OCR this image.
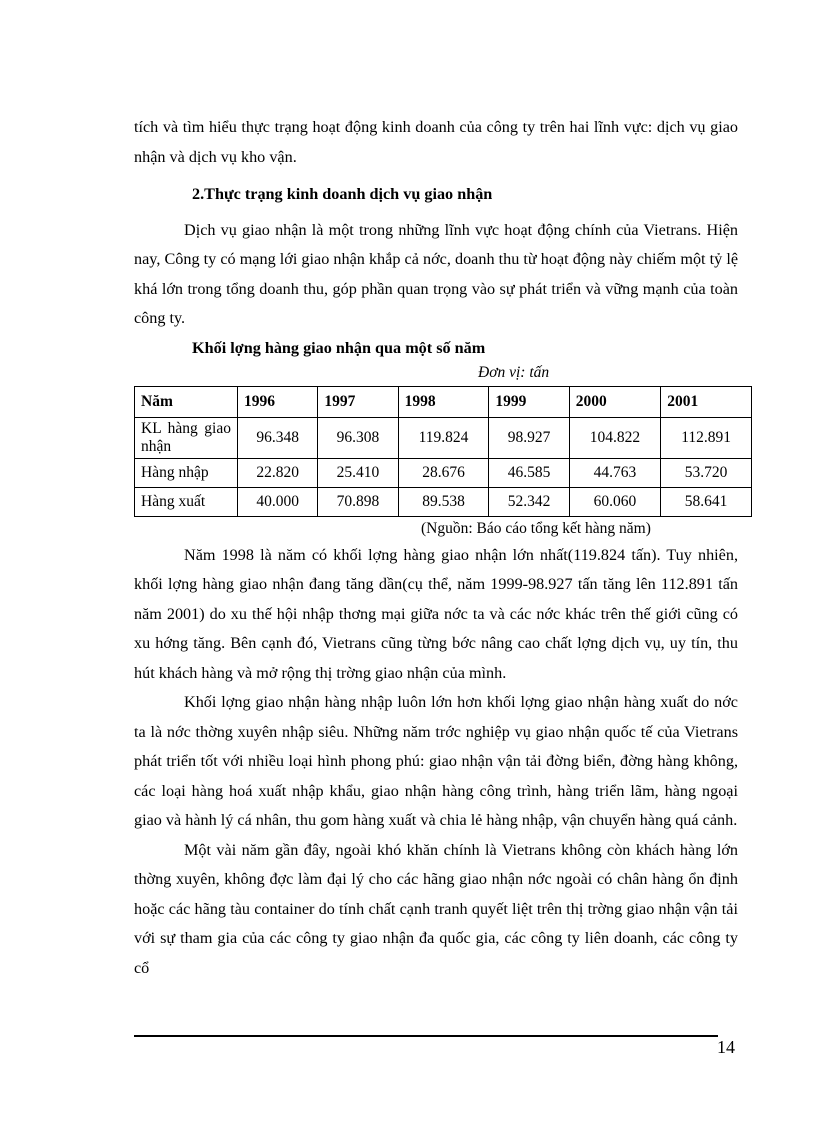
tích và tìm hiểu thực trạng hoạt động kinh doanh của công ty trên hai lĩnh vực: dịch vụ giao nhận và dịch vụ kho vận.

2.Thực trạng kinh doanh dịch vụ giao nhận

Dịch vụ giao nhận là một trong những lĩnh vực hoạt động chính của Vietrans. Hiện nay, Công ty có mạng lới giao nhận khắp cả nớc, doanh thu từ hoạt động này chiếm một tỷ lệ khá lớn trong tổng doanh thu, góp phần quan trọng vào sự phát triển và vững mạnh của toàn công ty.

Khối lợng hàng giao nhận qua một số năm

Đơn vị: tấn

Năm	1996	1997	1998	1999	2000	2001
KL hàng giao nhận	96.348	96.308	119.824	98.927	104.822	112.891
Hàng nhập	22.820	25.410	28.676	46.585	44.763	53.720
Hàng xuất	40.000	70.898	89.538	52.342	60.060	58.641

(Nguồn: Báo cáo tổng kết hàng năm)

Năm 1998 là năm có khối lợng hàng giao nhận lớn nhất(119.824 tấn). Tuy nhiên, khối lợng hàng giao nhận đang tăng dần(cụ thể, năm 1999-98.927 tấn tăng lên 112.891 tấn năm 2001) do xu thế hội nhập thơng mại giữa nớc ta và các nớc khác trên thế giới cũng có xu hớng tăng. Bên cạnh đó, Vietrans cũng từng bớc nâng cao chất lợng dịch vụ, uy tín, thu hút khách hàng và mở rộng thị trờng giao nhận của mình.

Khối lợng giao nhận hàng nhập luôn lớn hơn khối lợng giao nhận hàng xuất do nớc ta là nớc thờng xuyên nhập siêu. Những năm trớc nghiệp vụ giao nhận quốc tế của Vietrans phát triển tốt với nhiều loại hình phong phú: giao nhận vận tải đờng biển, đờng hàng không, các loại hàng hoá xuất nhập khẩu, giao nhận hàng công trình, hàng triển lãm, hàng ngoại giao và hành lý cá nhân, thu gom hàng xuất và chia lẻ hàng nhập, vận chuyển hàng quá cảnh.

Một vài năm gần đây, ngoài khó khăn chính là Vietrans không còn khách hàng lớn thờng xuyên, không đợc làm đại lý cho các hãng giao nhận nớc ngoài có chân hàng ổn định hoặc các hãng tàu container do tính chất cạnh tranh quyết liệt trên thị trờng giao nhận vận tải với sự tham gia của các công ty giao nhận đa quốc gia, các công ty liên doanh, các công ty cổ

14
